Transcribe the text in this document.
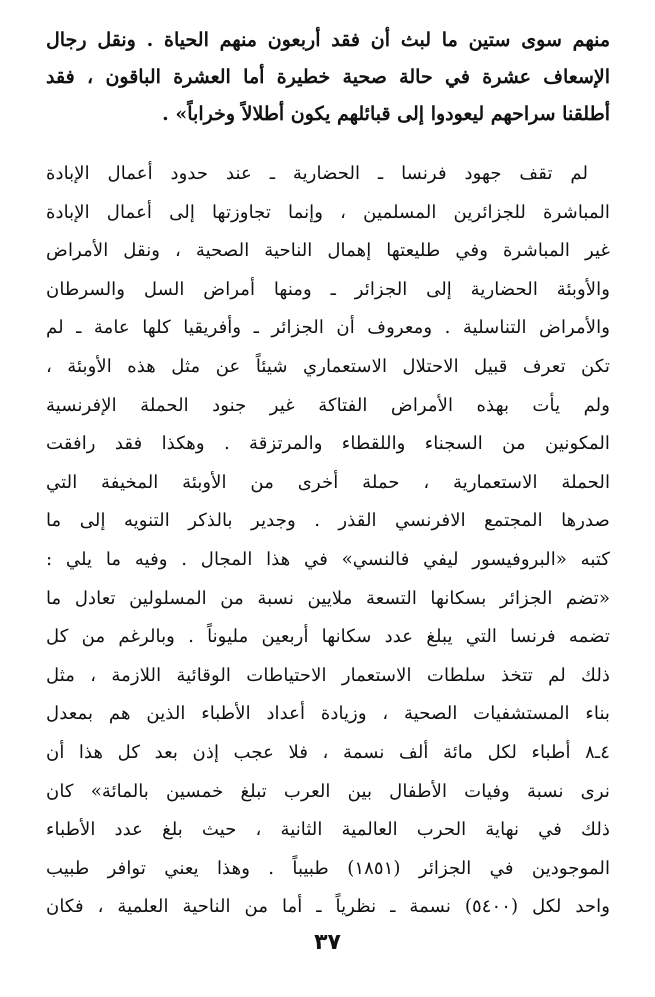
منهم سوى ستين ما لبث أن فقد أربعون منهم الحياة . ونقل رجال
الإسعاف عشرة في حالة صحية خطيرة أما العشرة الباقون ، فقد
أطلقنا سراحهم ليعودوا إلى قبائلهم يكون أطلالاً وخراباً» .
لم تقف جهود فرنسا ـ الحضارية ـ عند حدود أعمال الإبادة
المباشرة للجزائرين المسلمين ، وإنما تجاوزتها إلى أعمال الإبادة
غير المباشرة وفي طليعتها إهمال الناحية الصحية ، ونقل الأمراض
والأوبئة الحضارية إلى الجزائر ـ ومنها أمراض السل والسرطان
والأمراض التناسلية . ومعروف أن الجزائر ـ وأفريقيا كلها عامة ـ لم
تكن تعرف قبيل الاحتلال الاستعماري شيئاً عن مثل هذه الأوبئة ،
ولم يأت بهذه الأمراض الفتاكة غير جنود الحملة الإفرنسية
المكونين من السجناء واللقطاء والمرتزقة . وهكذا فقد رافقت
الحملة الاستعمارية ، حملة أخرى من الأوبئة المخيفة التي
صدرها المجتمع الافرنسي القذر . وجدير بالذكر التنويه إلى ما
كتبه «البروفيسور ليفي فالنسي» في هذا المجال . وفيه ما يلي :
«تضم الجزائر بسكانها التسعة ملايين نسبة من المسلولين تعادل ما
تضمه فرنسا التي يبلغ عدد سكانها أربعين مليوناً . وبالرغم من كل
ذلك لم تتخذ سلطات الاستعمار الاحتياطات الوقائية اللازمة ، مثل
بناء المستشفيات الصحية ، وزيادة أعداد الأطباء الذين هم بمعدل
٤ـ٨ أطباء لكل مائة ألف نسمة ، فلا عجب إذن بعد كل هذا أن
نرى نسبة وفيات الأطفال بين العرب تبلغ خمسين بالمائة» كان
ذلك في نهاية الحرب العالمية الثانية ، حيث بلغ عدد الأطباء
الموجودين في الجزائر (١٨٥١) طبيباً . وهذا يعني توافر طبيب
واحد لكل (٥٤٠٠) نسمة ـ نظرياً ـ أما من الناحية العلمية ، فكان
٣٧
